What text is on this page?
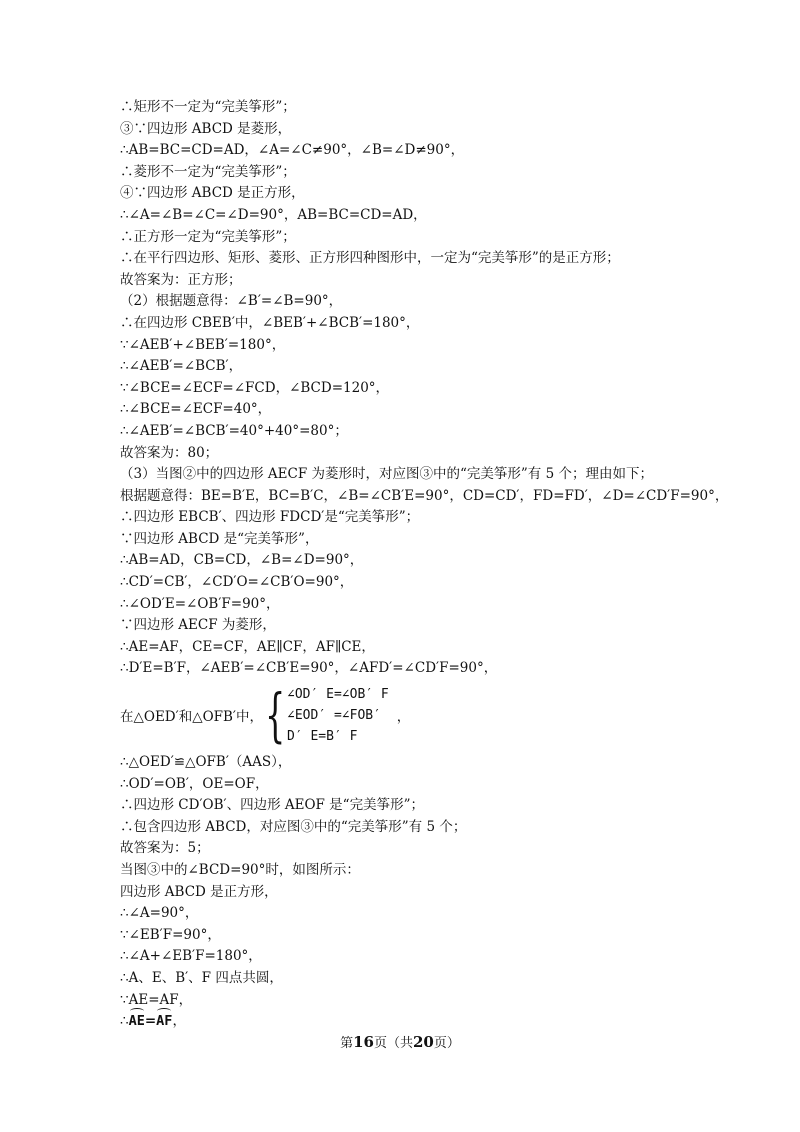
∴矩形不一定为“完美筝形”；
③∵四边形 ABCD 是菱形，
∴AB=BC=CD=AD，∠A=∠C≠90°，∠B=∠D≠90°，
∴菱形不一定为“完美筝形”；
④∵四边形 ABCD 是正方形，
∴∠A=∠B=∠C=∠D=90°，AB=BC=CD=AD，
∴正方形一定为“完美筝形”；
∴在平行四边形、矩形、菱形、正方形四种图形中，一定为“完美筝形”的是正方形；
故答案为：正方形；
（2）根据题意得：∠B′=∠B=90°，
∴在四边形 CBEB′中，∠BEB′+∠BCB′=180°，
∵∠AEB′+∠BEB′=180°，
∴∠AEB′=∠BCB′，
∵∠BCE=∠ECF=∠FCD，∠BCD=120°，
∴∠BCE=∠ECF=40°，
∴∠AEB′=∠BCB′=40°+40°=80°；
故答案为：80；
（3）当图②中的四边形 AECF 为菱形时，对应图③中的“完美筝形”有 5 个；理由如下；
根据题意得：BE=B′E，BC=B′C，∠B=∠CB′E=90°，CD=CD′，FD=FD′，∠D=∠CD′F=90°，
∴四边形 EBCB′、四边形 FDCD′是“完美筝形”；
∵四边形 ABCD 是“完美筝形”，
∴AB=AD，CB=CD，∠B=∠D=90°，
∴CD′=CB′，∠CD′O=∠CB′O=90°，
∴∠OD′E=∠OB′F=90°，
∵四边形 AECF 为菱形，
∴AE=AF，CE=CF，AE∥CF，AF∥CE，
∴D′E=B′F，∠AEB′=∠CB′E=90°，∠AFD′=∠CD′F=90°，
在△OED′和△OFB′中， { ∠OD′ E=∠OB′ F
∠EOD′ =∠FOB′
D′ E=B′ F
，
∴△OED′≌△OFB′（AAS），
∴OD′=OB′，OE=OF，
∴四边形 CD′OB′、四边形 AEOF 是“完美筝形”；
∴包含四边形 ABCD，对应图③中的“完美筝形”有 5 个；
故答案为：5；
当图③中的∠BCD=90°时，如图所示：
四边形 ABCD 是正方形，
∴∠A=90°，
∵∠EB′F=90°，
∴∠A+∠EB′F=180°，
∴A、E、B′、F 四点共圆，
∵AE=AF，
∴AE=AF，
第16页（共20页）
